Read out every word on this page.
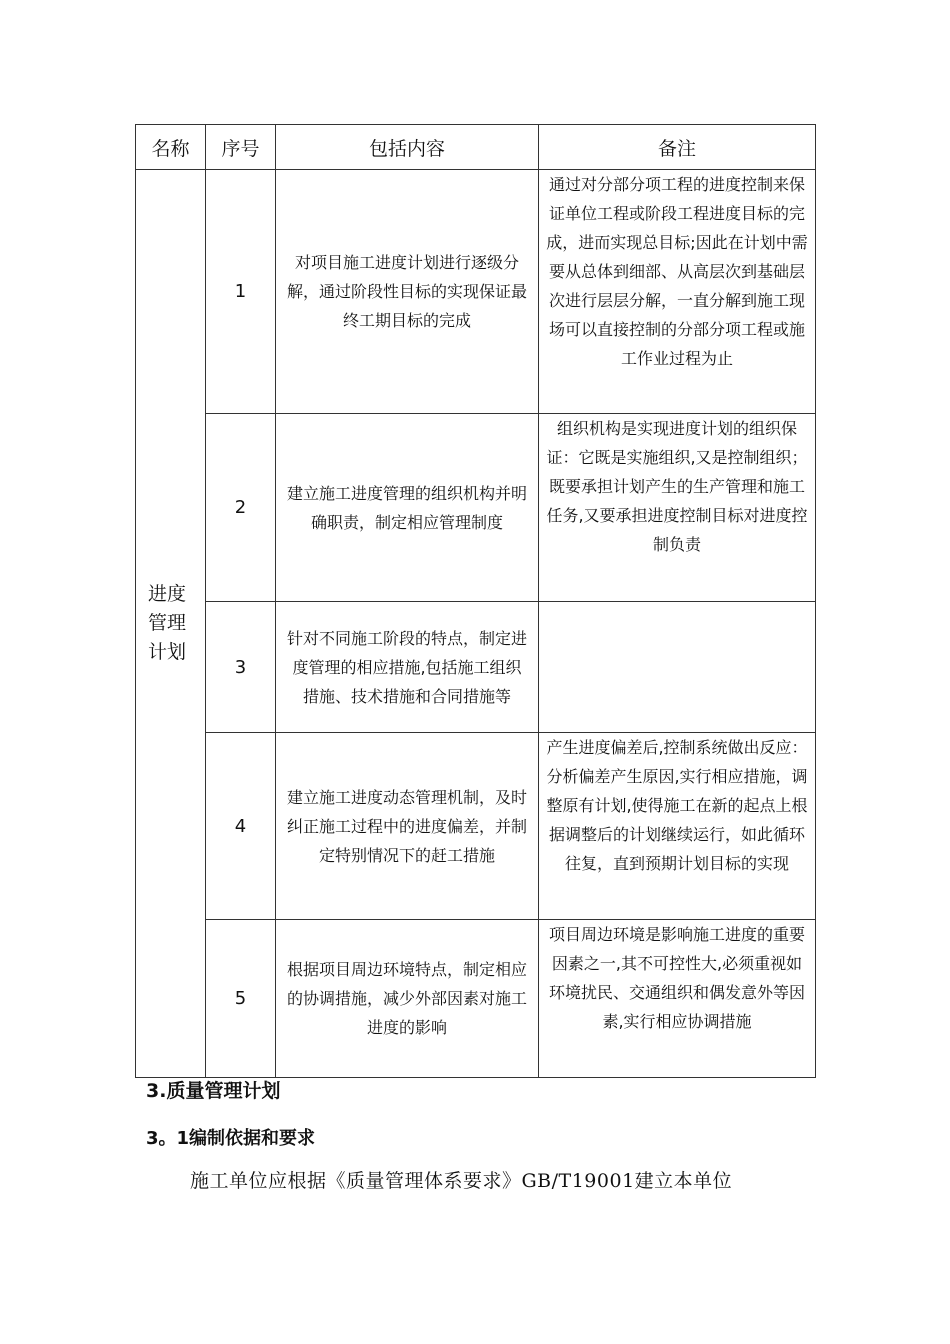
名称	序号	包括内容	备注

进度管理计划	1	对项目施工进度计划进行逐级分解，通过阶段性目标的实现保证最终工期目标的完成	通过对分部分项工程的进度控制来保证单位工程或阶段工程进度目标的完成，进而实现总目标;因此在计划中需要从总体到细部、从高层次到基础层次进行层层分解，一直分解到施工现场可以直接控制的分部分项工程或施工作业过程为止
	2	建立施工进度管理的组织机构并明确职责，制定相应管理制度	组织机构是实现进度计划的组织保证：它既是实施组织,又是控制组织；既要承担计划产生的生产管理和施工任务,又要承担进度控制目标对进度控制负责
	3	针对不同施工阶段的特点，制定进度管理的相应措施,包括施工组织措施、技术措施和合同措施等	
	4	建立施工进度动态管理机制，及时纠正施工过程中的进度偏差，并制定特别情况下的赶工措施	产生进度偏差后,控制系统做出反应：分析偏差产生原因,实行相应措施，调整原有计划,使得施工在新的起点上根据调整后的计划继续运行，如此循环往复，直到预期计划目标的实现
	5	根据项目周边环境特点，制定相应的协调措施，减少外部因素对施工进度的影响	项目周边环境是影响施工进度的重要因素之一,其不可控性大,必须重视如环境扰民、交通组织和偶发意外等因素,实行相应协调措施
3.质量管理计划
3。1编制依据和要求
施工单位应根据《质量管理体系要求》GB/T19001建立本单位
